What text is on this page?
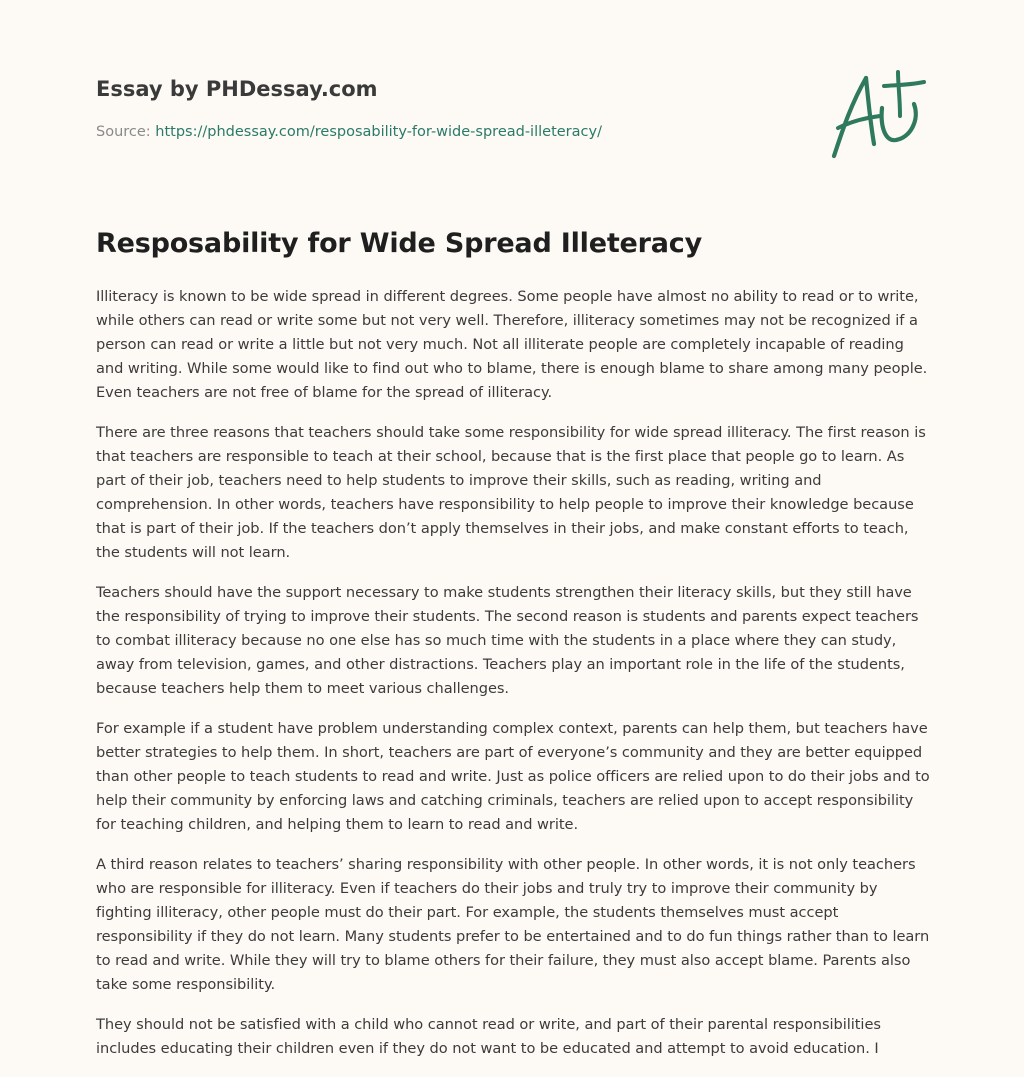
Essay by PHDessay.com
Source: https://phdessay.com/resposability-for-wide-spread-illeteracy/
Resposability for Wide Spread Illeteracy

Illiteracy is known to be wide spread in different degrees. Some people have almost no ability to read or to write, while others can read or write some but not very well. Therefore, illiteracy sometimes may not be recognized if a person can read or write a little but not very much. Not all illiterate people are completely incapable of reading and writing. While some would like to find out who to blame, there is enough blame to share among many people. Even teachers are not free of blame for the spread of illiteracy.

There are three reasons that teachers should take some responsibility for wide spread illiteracy. The first reason is that teachers are responsible to teach at their school, because that is the first place that people go to learn. As part of their job, teachers need to help students to improve their skills, such as reading, writing and comprehension. In other words, teachers have responsibility to help people to improve their knowledge because that is part of their job. If the teachers don’t apply themselves in their jobs, and make constant efforts to teach, the students will not learn.

Teachers should have the support necessary to make students strengthen their literacy skills, but they still have the responsibility of trying to improve their students. The second reason is students and parents expect teachers to combat illiteracy because no one else has so much time with the students in a place where they can study, away from television, games, and other distractions. Teachers play an important role in the life of the students, because teachers help them to meet various challenges.

For example if a student have problem understanding complex context, parents can help them, but teachers have better strategies to help them. In short, teachers are part of everyone’s community and they are better equipped than other people to teach students to read and write. Just as police officers are relied upon to do their jobs and to help their community by enforcing laws and catching criminals, teachers are relied upon to accept responsibility for teaching children, and helping them to learn to read and write.

A third reason relates to teachers’ sharing responsibility with other people. In other words, it is not only teachers who are responsible for illiteracy. Even if teachers do their jobs and truly try to improve their community by fighting illiteracy, other people must do their part. For example, the students themselves must accept responsibility if they do not learn. Many students prefer to be entertained and to do fun things rather than to learn to read and write. While they will try to blame others for their failure, they must also accept blame. Parents also take some responsibility.

They should not be satisfied with a child who cannot read or write, and part of their parental responsibilities includes educating their children even if they do not want to be educated and attempt to avoid education. I
